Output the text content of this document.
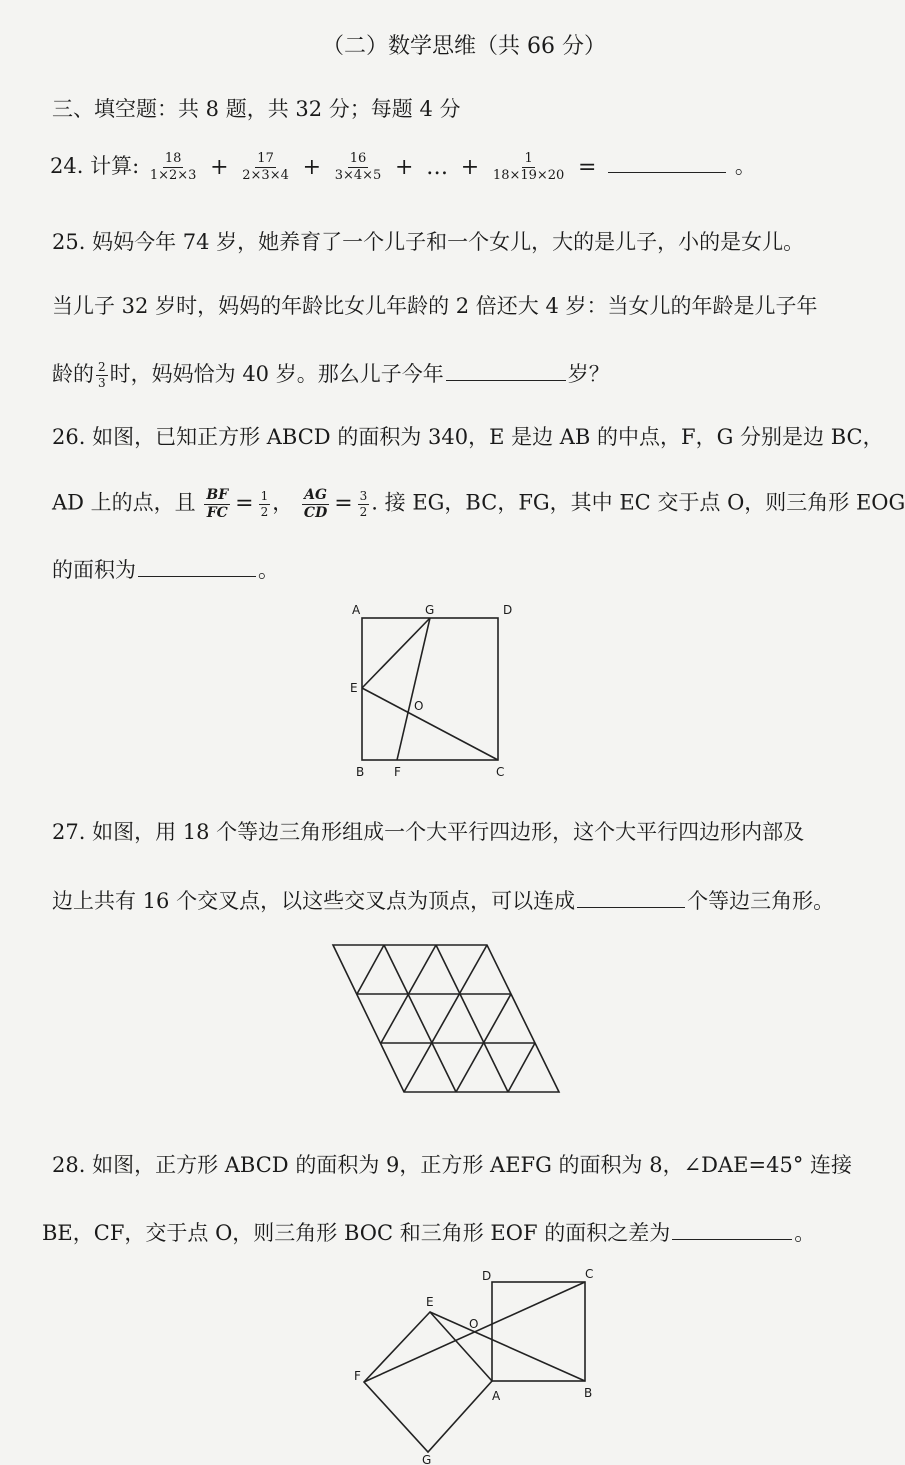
（二）数学思维（共 66 分）
三、填空题：共 8 题，共 32 分；每题 4 分
24. 计算: $\frac{18}{1\times 2\times 3} + \frac{17}{2\times 3\times 4} + \frac{16}{3\times 4\times 5}$ + … + $\frac{1}{18\times 19\times 20}$ =	。
25. 妈妈今年 74 岁，她养育了一个儿子和一个女儿，大的是儿子，小的是女儿。
当儿子 32 岁时，妈妈的年龄比女儿年龄的 2 倍还大 4 岁：当女儿的年龄是儿子年
龄的 $\frac{2}{3}$ 时，妈妈恰为 40 岁。那么儿子今年	岁？
26. 如图，已知正方形 ABCD 的面积为 340，E 是边 AB 的中点，F，G 分别是边 BC，
AD 上的点，且 $\frac{BF}{FC} = \frac{1}{2}$ ， $\frac{AG}{CD} = \frac{3}{2}$ . 接 EG，BC，FG，其中 EC 交于点 O，则三角形 EOG
的面积为	。
A	G	D
E
O
B F	C
27. 如图，用 18 个等边三角形组成一个大平行四边形，这个大平行四边形内部及
边上共有 16 个交叉点，以这些交叉点为顶点，可以连成	个等边三角形。
28. 如图，正方形 ABCD 的面积为 9，正方形 AEFG 的面积为 8，∠DAE=45° 连接
BE，CF，交于点 O，则三角形 BOC 和三角形 EOF 的面积之差为	。
D	C
E
O
F
A	B
G
